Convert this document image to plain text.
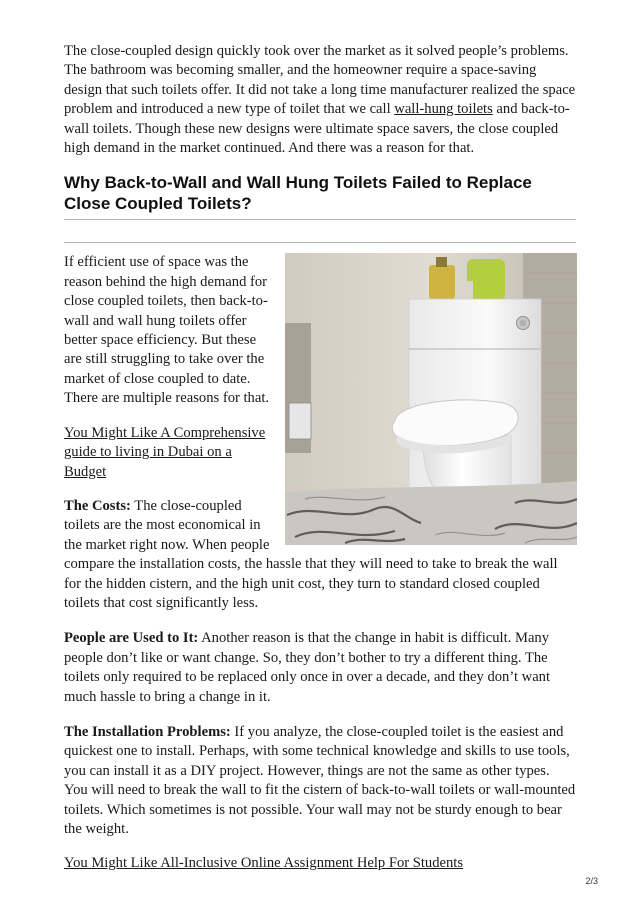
The close-coupled design quickly took over the market as it solved people’s problems. The bathroom was becoming smaller, and the homeowner require a space-saving design that such toilets offer. It did not take a long time manufacturer realized the space problem and introduced a new type of toilet that we call wall-hung toilets and back-to-wall toilets. Though these new designs were ultimate space savers, the close coupled high demand in the market continued. And there was a reason for that.

Why Back-to-Wall and Wall Hung Toilets Failed to Replace Close Coupled Toilets?

If efficient use of space was the reason behind the high demand for close coupled toilets, then back-to-wall and wall hung toilets offer better space efficiency. But these are still struggling to take over the market of close coupled to date. There are multiple reasons for that.

You Might Like A Comprehensive guide to living in Dubai on a Budget

The Costs: The close-coupled toilets are the most economical in the market right now. When people compare the installation costs, the hassle that they will need to take to break the wall for the hidden cistern, and the high unit cost, they turn to standard closed coupled toilets that cost significantly less.

People are Used to It: Another reason is that the change in habit is difficult. Many people don’t like or want change. So, they don’t bother to try a different thing. The toilets only required to be replaced only once in over a decade, and they don’t want much hassle to bring a change in it.

The Installation Problems: If you analyze, the close-coupled toilet is the easiest and quickest one to install. Perhaps, with some technical knowledge and skills to use tools, you can install it as a DIY project. However, things are not the same as other types. You will need to break the wall to fit the cistern of back-to-wall toilets or wall-mounted toilets. Which sometimes is not possible. Your wall may not be sturdy enough to bear the weight.

You Might Like All-Inclusive Online Assignment Help For Students

2/3
